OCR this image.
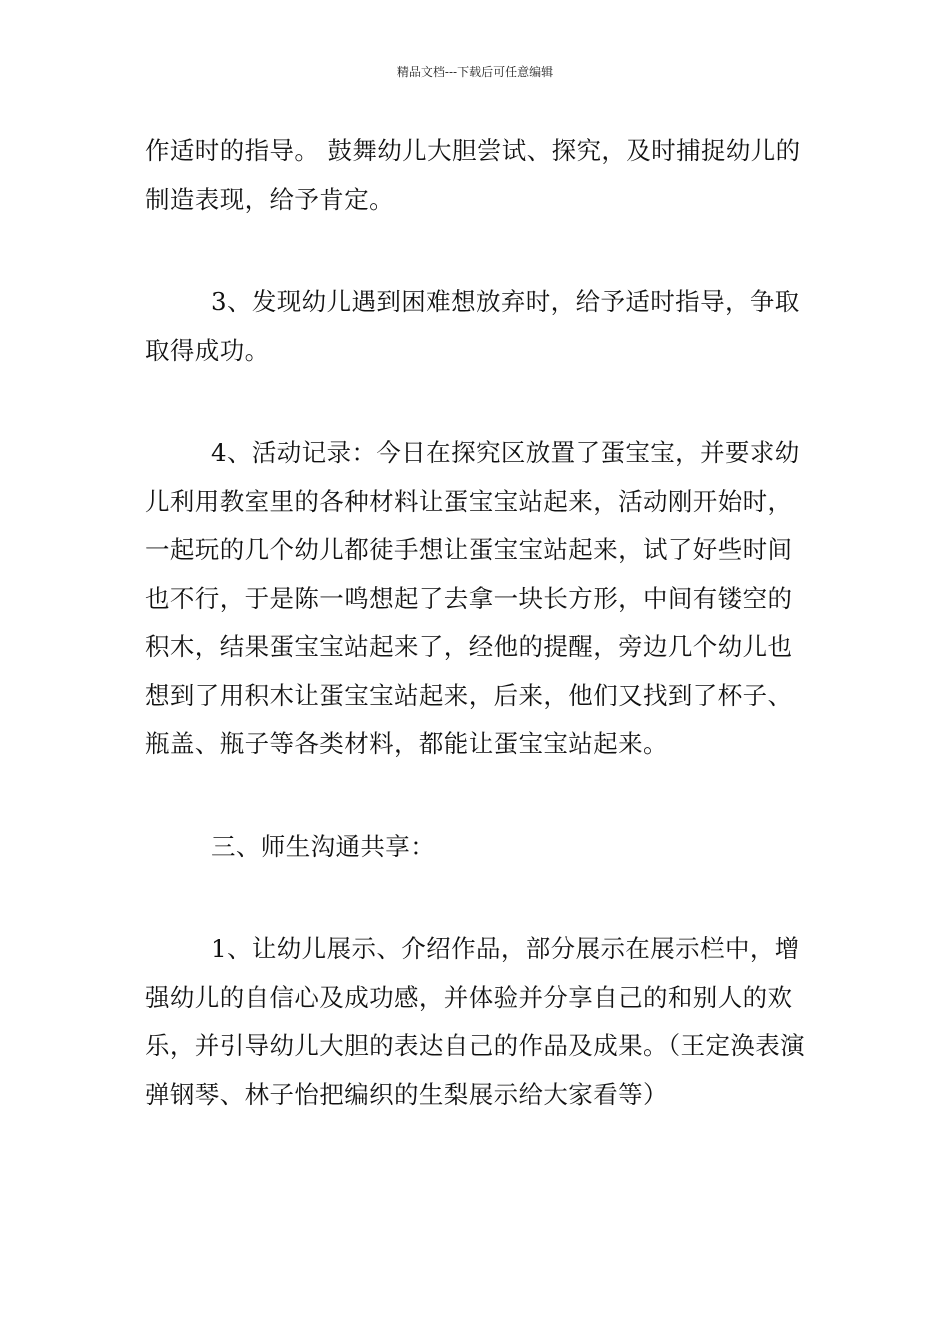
精品文档---下载后可任意编辑

作适时的指导。 鼓舞幼儿大胆尝试、探究，及时捕捉幼儿的制造表现，给予肯定。

3、发现幼儿遇到困难想放弃时，给予适时指导，争取取得成功。

4、活动记录：今日在探究区放置了蛋宝宝，并要求幼儿利用教室里的各种材料让蛋宝宝站起来，活动刚开始时，一起玩的几个幼儿都徒手想让蛋宝宝站起来，试了好些时间也不行，于是陈一鸣想起了去拿一块长方形，中间有镂空的积木，结果蛋宝宝站起来了，经他的提醒，旁边几个幼儿也想到了用积木让蛋宝宝站起来，后来，他们又找到了杯子、瓶盖、瓶子等各类材料，都能让蛋宝宝站起来。

三、师生沟通共享：

1、让幼儿展示、介绍作品，部分展示在展示栏中，增强幼儿的自信心及成功感，并体验并分享自己的和别人的欢乐，并引导幼儿大胆的表达自己的作品及成果。（王定涣表演弹钢琴、林子怡把编织的生梨展示给大家看等）
